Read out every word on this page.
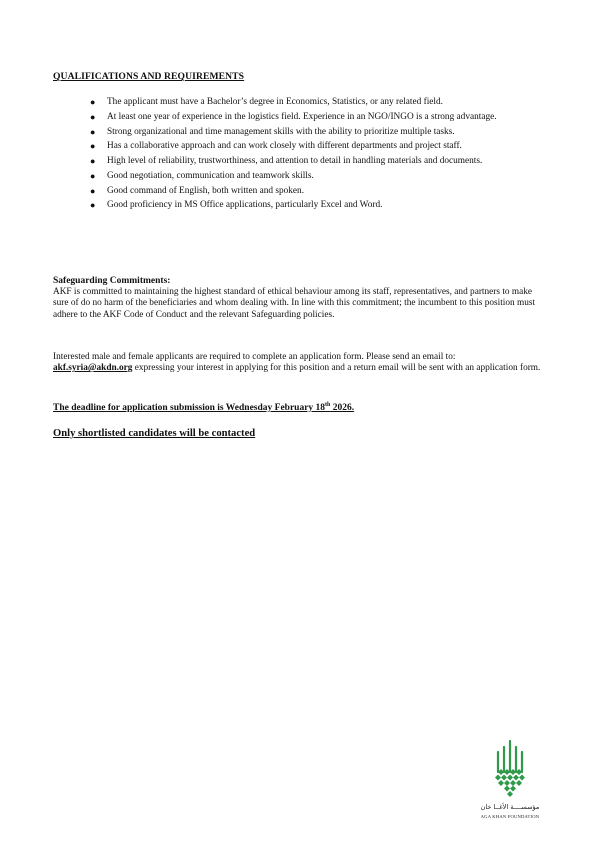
QUALIFICATIONS AND REQUIREMENTS
● The applicant must have a Bachelor’s degree in Economics, Statistics, or any related field.
● At least one year of experience in the logistics field. Experience in an NGO/INGO is a strong advantage.
● Strong organizational and time management skills with the ability to prioritize multiple tasks.
● Has a collaborative approach and can work closely with different departments and project staff.
● High level of reliability, trustworthiness, and attention to detail in handling materials and documents.
● Good negotiation, communication and teamwork skills.
● Good command of English, both written and spoken.
● Good proficiency in MS Office applications, particularly Excel and Word.
Safeguarding Commitments:

AKF is committed to maintaining the highest standard of ethical behaviour among its staff, representatives, and partners to make sure of do no harm of the beneficiaries and whom dealing with. In line with this commitment; the incumbent to this position must adhere to the AKF Code of Conduct and the relevant Safeguarding policies.

Interested male and female applicants are required to complete an application form. Please send an email to:
akf.syria@akdn.org expressing your interest in applying for this position and a return email will be sent with an application form.

The deadline for application submission is Wednesday February 18th 2026.

Only shortlisted candidates will be contacted

مؤسســــة الأغــا خان
AGA KHAN FOUNDATION
